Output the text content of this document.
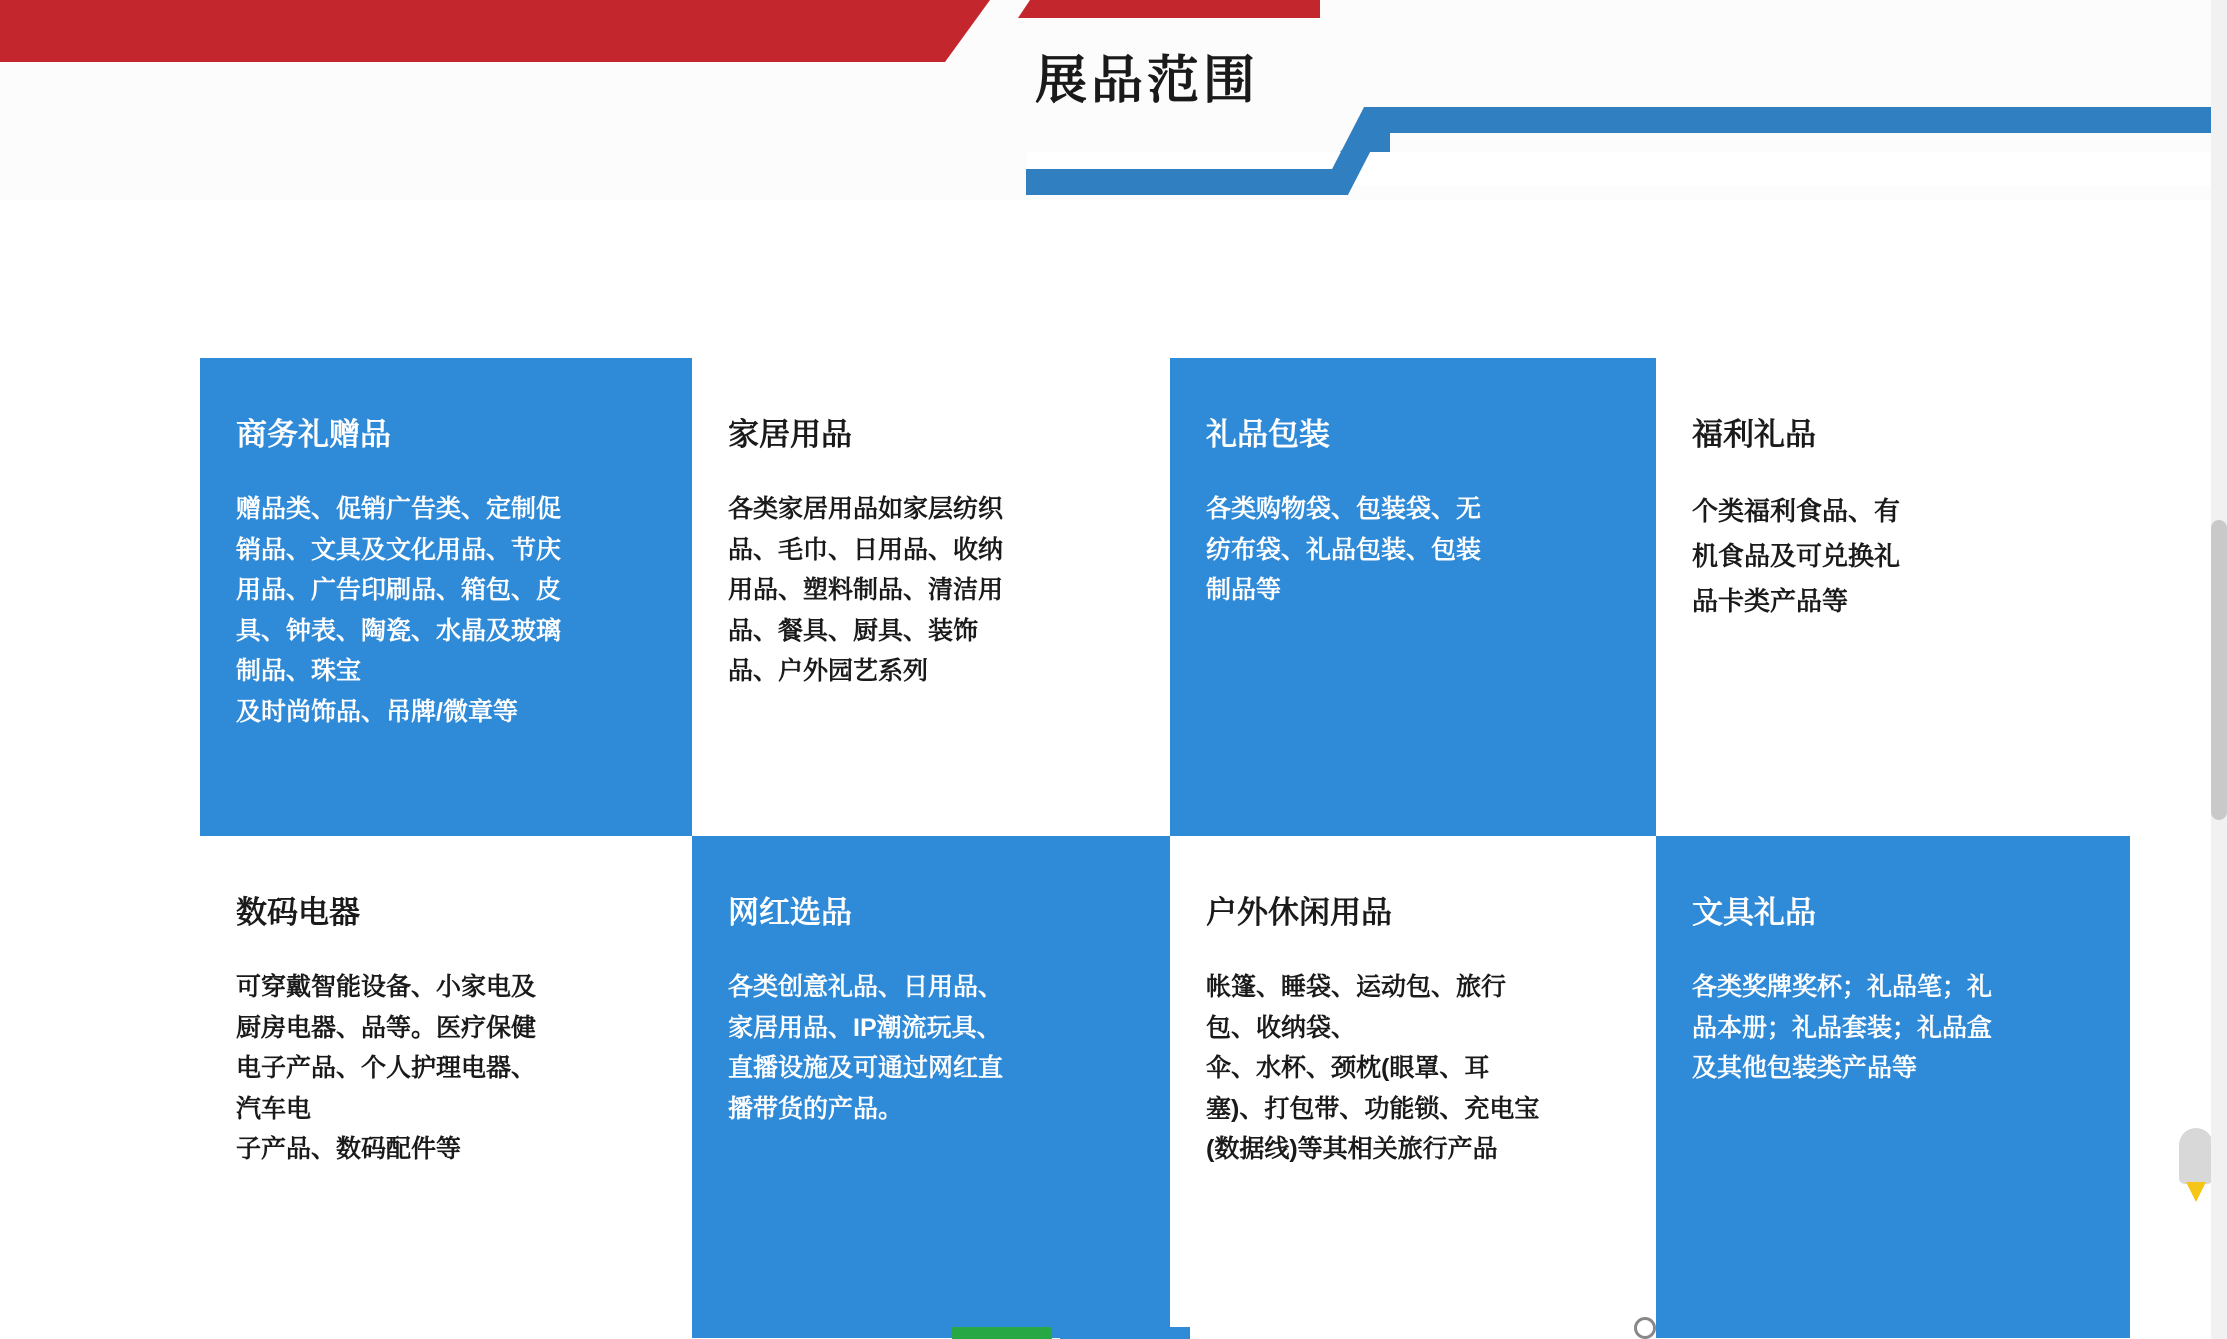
展品范围
商务礼赠品

赠品类、促销广告类、定制促

销品、文具及文化用品、节庆

用品、广告印刷品、箱包、皮

具、钟表、陶瓷、水晶及玻璃

制品、珠宝

及时尚饰品、吊牌/微章等

家居用品

各类家居用品如家层纺织

品、毛巾、日用品、收纳

用品、塑料制品、清洁用

品、餐具、厨具、装饰

品、户外园艺系列

礼品包装

各类购物袋、包装袋、无

纺布袋、礼品包装、包装

制品等

福利礼品

个类福利食品、有

机食品及可兑换礼

品卡类产品等

数码电器

可穿戴智能设备、小家电及

厨房电器、品等。医疗保健

电子产品、个人护理电器、

汽车电

子产品、数码配件等

网红选品

各类创意礼品、日用品、

家居用品、IP潮流玩具、

直播设施及可通过网红直

播带货的产品。

户外休闲用品

帐篷、睡袋、运动包、旅行

包、收纳袋、

伞、水杯、颈枕(眼罩、耳

塞)、打包带、功能锁、充电宝

(数据线)等其相关旅行产品

文具礼品

各类奖牌奖杯；礼品笔；礼

品本册；礼品套装；礼品盒

及其他包装类产品等
